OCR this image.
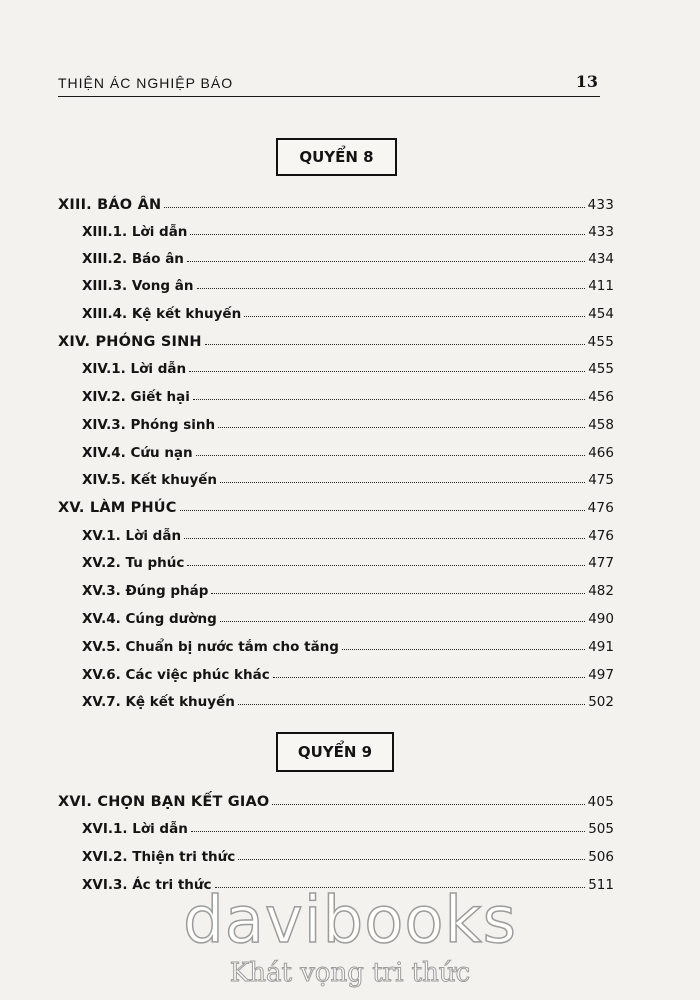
THIỆN ÁC NGHIỆP BÁO	13
QUYỂN 8
XIII. BÁO ÂN	433
XIII.1. Lời dẫn	433
XIII.2. Báo ân	434
XIII.3. Vong ân	411
XIII.4. Kệ kết khuyến	454
XIV. PHÓNG SINH	455
XIV.1. Lời dẫn	455
XIV.2. Giết hại	456
XIV.3. Phóng sinh	458
XIV.4. Cứu nạn	466
XIV.5. Kết khuyến	475
XV. LÀM PHÚC	476
XV.1. Lời dẫn	476
XV.2. Tu phúc	477
XV.3. Đúng pháp	482
XV.4. Cúng dường	490
XV.5. Chuẩn bị nước tắm cho tăng	491
XV.6. Các việc phúc khác	497
XV.7. Kệ kết khuyến	502
XVI. CHỌN BẠN KẾT GIAO	405
XVI.1. Lời dẫn	505
XVI.2. Thiện tri thức	506
XVI.3. Ác tri thức	511
QUYỂN 9
davibooks
Khát vọng tri thức
